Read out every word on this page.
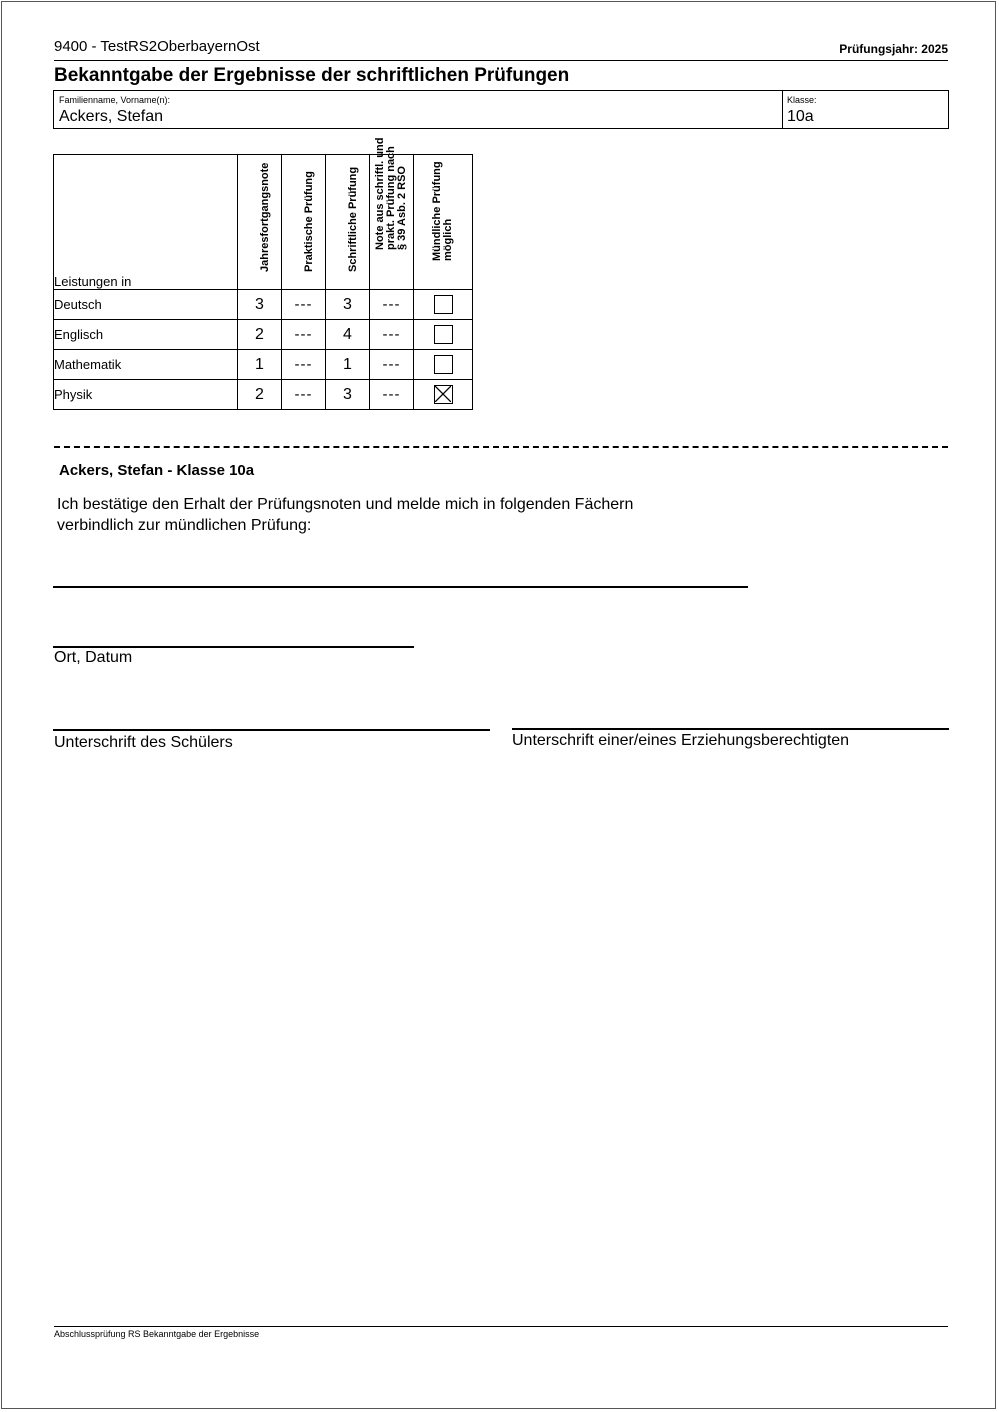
9400 - TestRS2OberbayernOst	Prüfungsjahr: 2025
Bekanntgabe der Ergebnisse der schriftlichen Prüfungen
Familienname, Vorname(n):
Ackers, Stefan
Klasse:
10a
Leistungen in	Jahresfortgangsnote	Praktische Prüfung	Schriftliche Prüfung	Note aus schriftl. und prakt. Prüfung nach § 39 Asb. 2 RSO	Mündliche Prüfung möglich

Deutsch	3	---	3	---	
Englisch	2	---	4	---	
Mathematik	1	---	1	---	
Physik	2	---	3	---	
Ackers, Stefan - Klasse 10a
Ich bestätige den Erhalt der Prüfungsnoten und melde mich in folgenden Fächern
verbindlich zur mündlichen Prüfung:
Ort, Datum
Unterschrift des Schülers	Unterschrift einer/eines Erziehungsberechtigten
Abschlussprüfung RS Bekanntgabe der Ergebnisse
